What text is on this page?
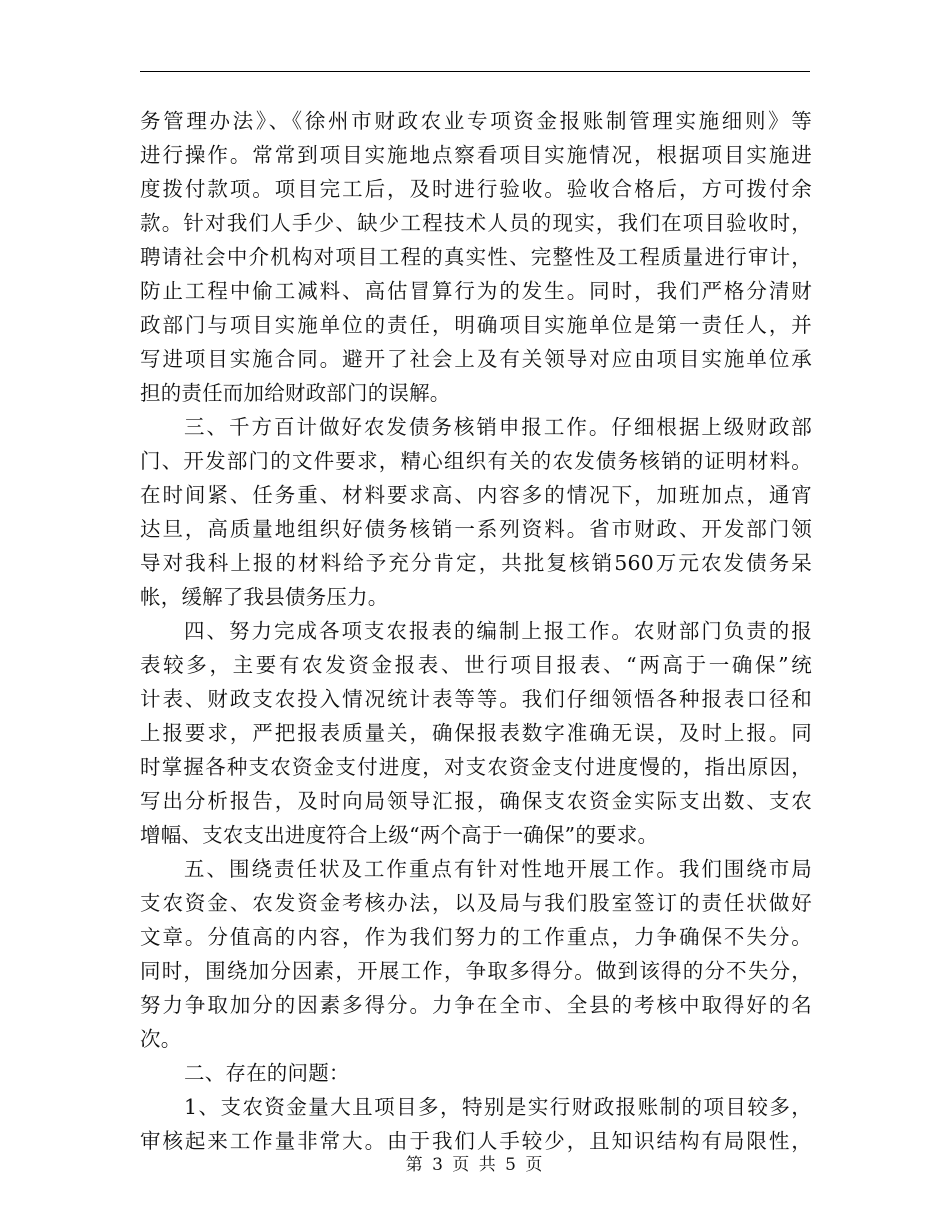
务管理办法》、《徐州市财政农业专项资金报账制管理实施细则》等
进行操作。常常到项目实施地点察看项目实施情况，根据项目实施进
度拨付款项。项目完工后，及时进行验收。验收合格后，方可拨付余
款。针对我们人手少、缺少工程技术人员的现实，我们在项目验收时，
聘请社会中介机构对项目工程的真实性、完整性及工程质量进行审计，
防止工程中偷工减料、高估冒算行为的发生。同时，我们严格分清财
政部门与项目实施单位的责任，明确项目实施单位是第一责任人，并
写进项目实施合同。避开了社会上及有关领导对应由项目实施单位承
担的责任而加给财政部门的误解。
三、千方百计做好农发债务核销申报工作。仔细根据上级财政部
门、开发部门的文件要求，精心组织有关的农发债务核销的证明材料。
在时间紧、任务重、材料要求高、内容多的情况下，加班加点，通宵
达旦，高质量地组织好债务核销一系列资料。省市财政、开发部门领
导对我科上报的材料给予充分肯定，共批复核销560万元农发债务呆
帐，缓解了我县债务压力。
四、努力完成各项支农报表的编制上报工作。农财部门负责的报
表较多，主要有农发资金报表、世行项目报表、“两高于一确保”统
计表、财政支农投入情况统计表等等。我们仔细领悟各种报表口径和
上报要求，严把报表质量关，确保报表数字准确无误，及时上报。同
时掌握各种支农资金支付进度，对支农资金支付进度慢的，指出原因，
写出分析报告，及时向局领导汇报，确保支农资金实际支出数、支农
增幅、支农支出进度符合上级“两个高于一确保”的要求。
五、围绕责任状及工作重点有针对性地开展工作。我们围绕市局
支农资金、农发资金考核办法，以及局与我们股室签订的责任状做好
文章。分值高的内容，作为我们努力的工作重点，力争确保不失分。
同时，围绕加分因素，开展工作，争取多得分。做到该得的分不失分，
努力争取加分的因素多得分。力争在全市、全县的考核中取得好的名
次。
二、存在的问题：
1、支农资金量大且项目多，特别是实行财政报账制的项目较多，
审核起来工作量非常大。由于我们人手较少，且知识结构有局限性，
第 3 页 共 5 页
